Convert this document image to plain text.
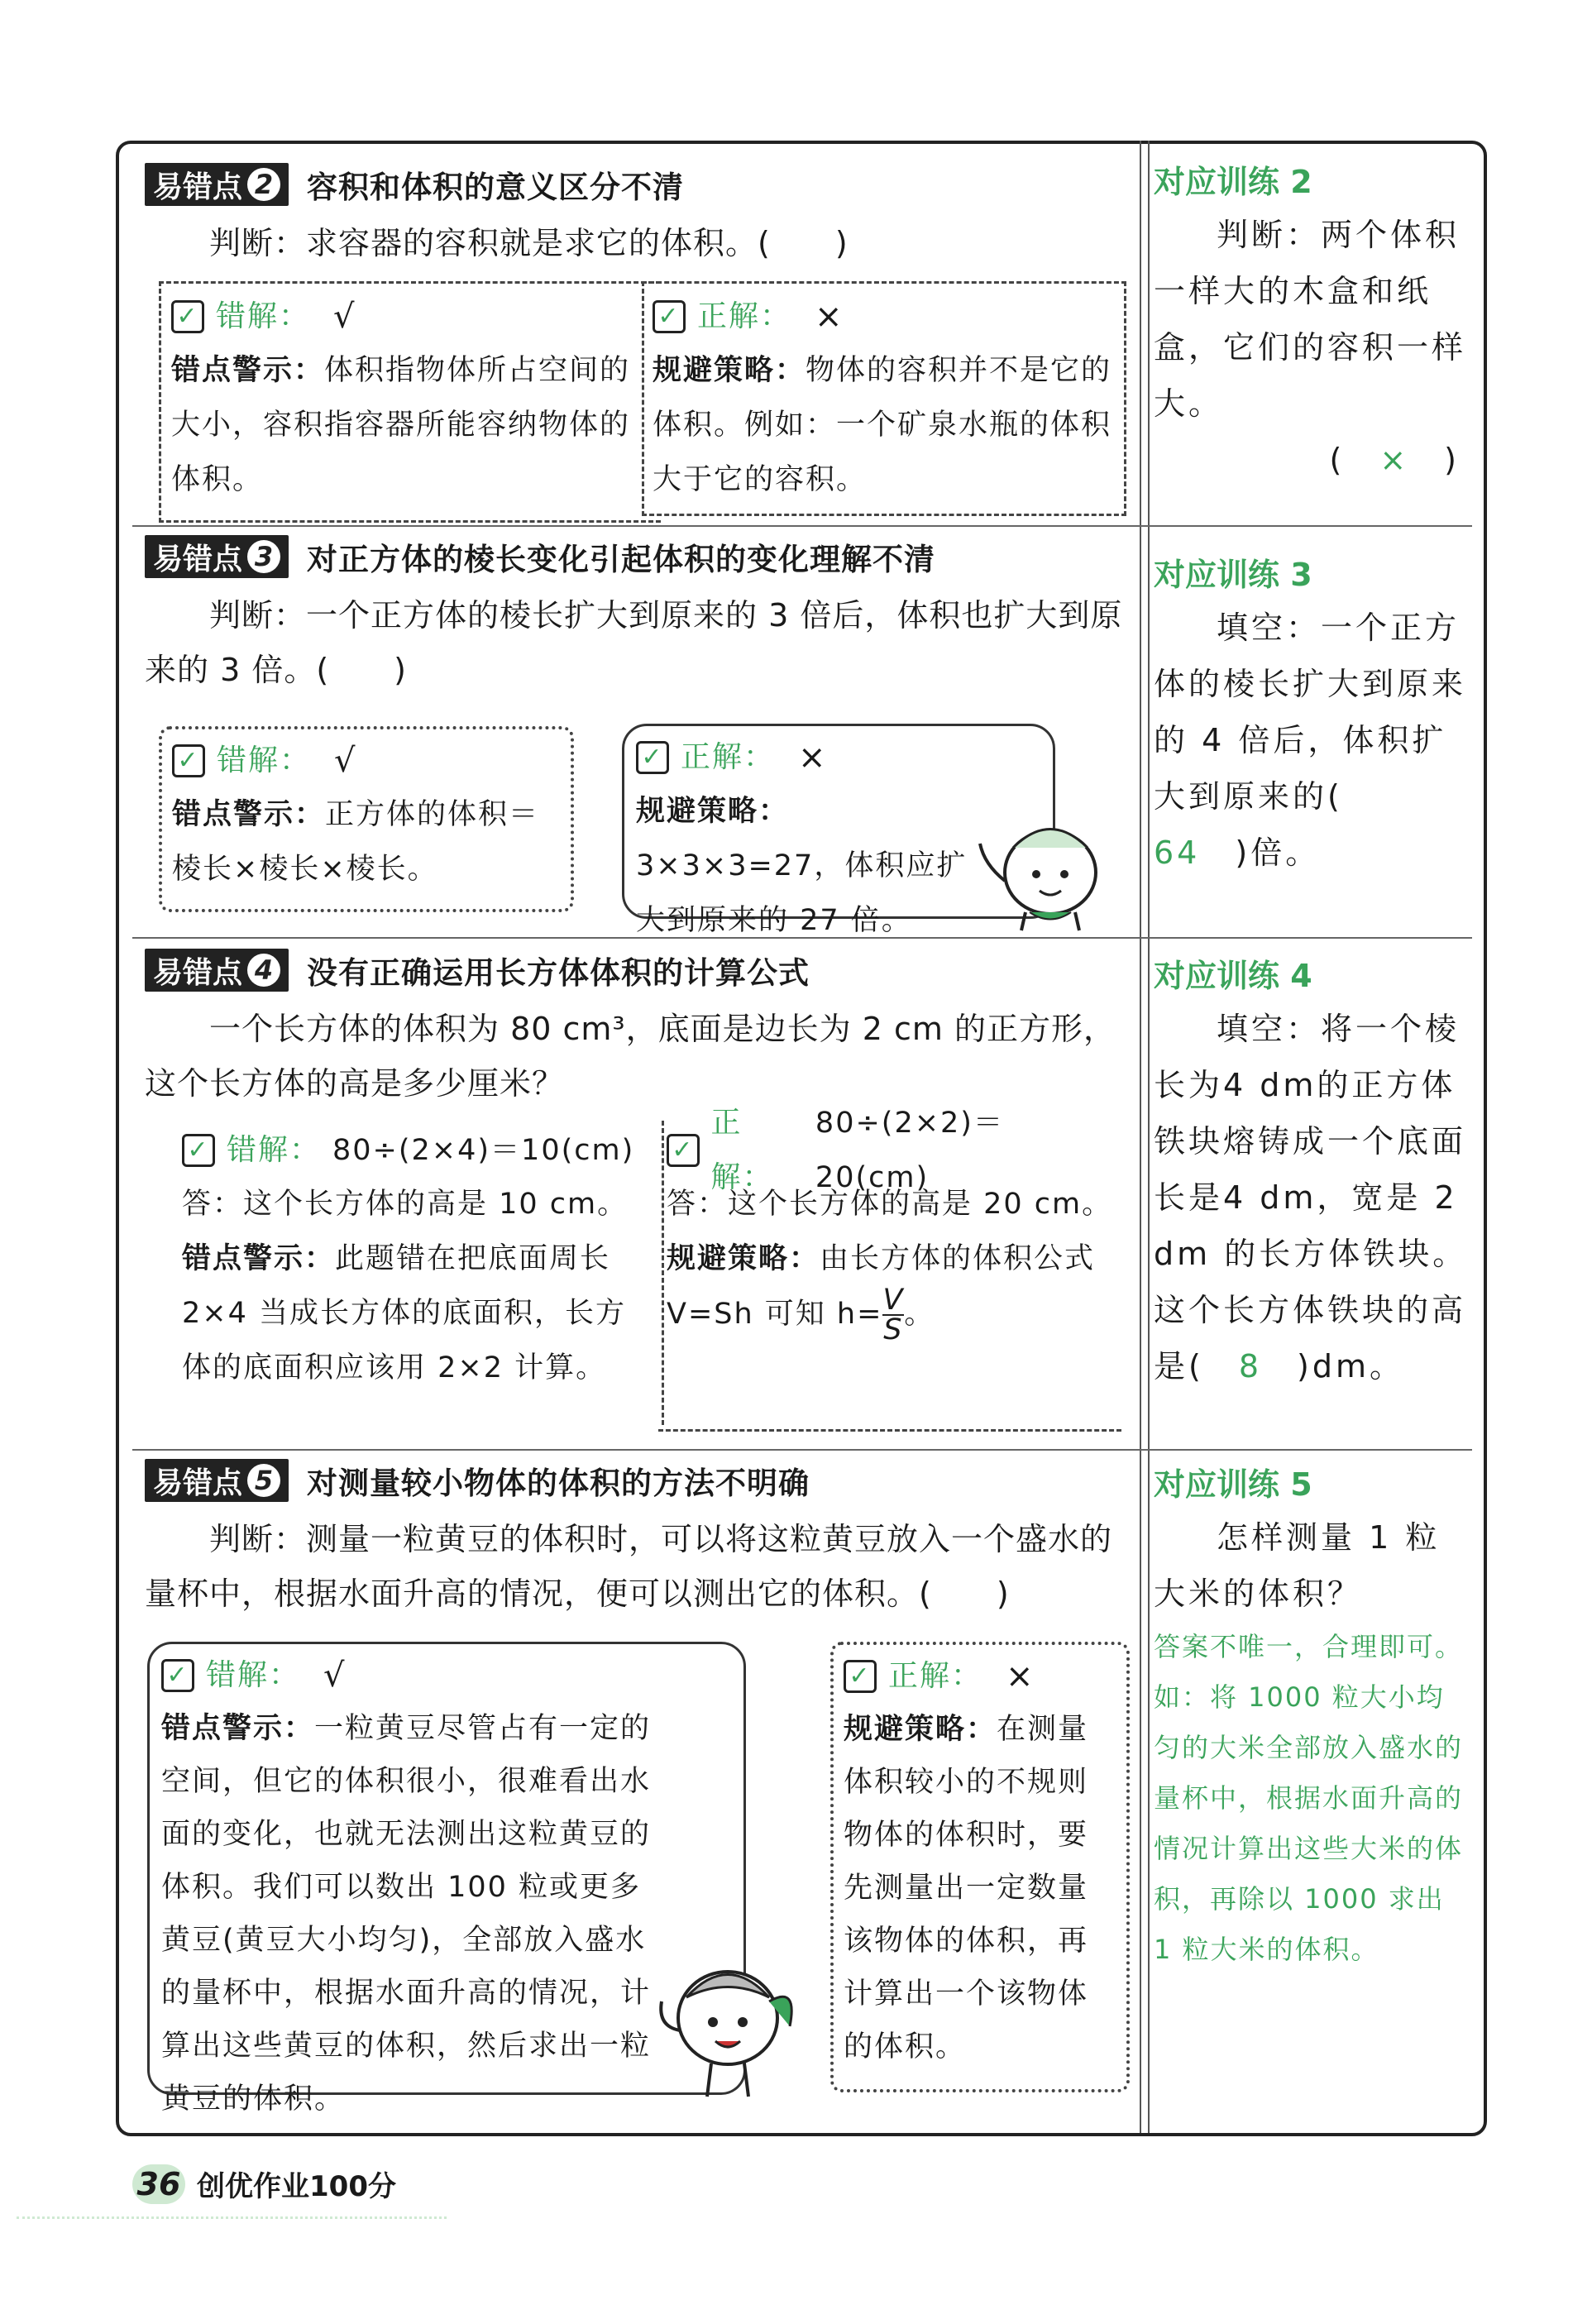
易错点 2 容积和体积的意义区分不清
判断：求容器的容积就是求它的体积。(　　)
✓ 错解： √
错点警示：体积指物体所占空间的大小，容积指容器所能容纳物体的体积。
✓ 正解： ×
规避策略：物体的容积并不是它的体积。例如：一个矿泉水瓶的体积大于它的容积。
对应训练 2
判断：两个体积一样大的木盒和纸盒，它们的容积一样大。
(　×　)
易错点 3 对正方体的棱长变化引起体积的变化理解不清
判断：一个正方体的棱长扩大到原来的 3 倍后，体积也扩大到原来的 3 倍。(　　)
✓ 错解： √
错点警示：正方体的体积＝棱长×棱长×棱长。
✓ 正解： ×
规避策略：3×3×3=27，体积应扩大到原来的 27 倍。
对应训练 3
填空：一个正方体的棱长扩大到原来的 4 倍后，体积扩大到原来的(　64　 )倍。
易错点 4 没有正确运用长方体体积的计算公式
一个长方体的体积为 80 cm³，底面是边长为 2 cm 的正方形，这个长方体的高是多少厘米？
✓ 错解： 80÷(2×4)＝10(cm)
答：这个长方体的高是 10 cm。
错点警示：此题错在把底面周长 2×4 当成长方体的底面积，长方体的底面积应该用 2×2 计算。
✓
正解：
80÷(2×2)＝20(cm)
答：这个长方体的高是 20 cm。
规避策略：由长方体的体积公式 V=Sh 可知 $h= \frac{V}{S}$ 。
对应训练 4
填空：将一个棱长为4 dm的正方体铁块熔铸成一个底面长是4 dm，宽是 2 dm 的长方体铁块。这个长方体铁块的高是(　 8　 )dm。
易错点 5 对测量较小物体的体积的方法不明确
判断：测量一粒黄豆的体积时，可以将这粒黄豆放入一个盛水的量杯中，根据水面升高的情况，便可以测出它的体积。(　　)
✓ 错解： √
错点警示：一粒黄豆尽管占有一定的空间，但它的体积很小，很难看出水面的变化，也就无法测出这粒黄豆的体积。我们可以数出 100 粒或更多黄豆(黄豆大小均匀)，全部放入盛水的量杯中，根据水面升高的情况，计算出这些黄豆的体积，然后求出一粒黄豆的体积。
✓ 正解： ×
规避策略：在测量体积较小的不规则物体的体积时，要先测量出一定数量该物体的体积，再计算出一个该物体的体积。
对应训练 5
怎样测量 1 粒大米的体积？
答案不唯一，合理即可。如：将 1000 粒大小均匀的大米全部放入盛水的量杯中，根据水面升高的情况计算出这些大米的体积，再除以 1000 求出 1 粒大米的体积。
36 创优作业100分
